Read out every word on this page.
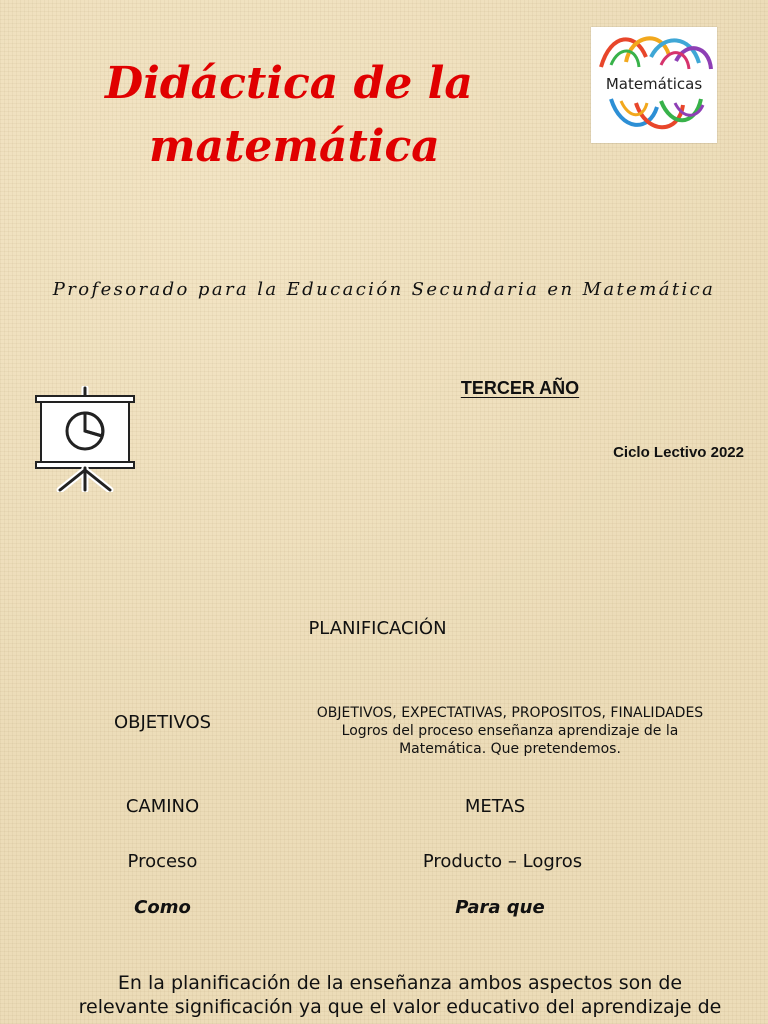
Didáctica de la
matemática
Matemáticas
Profesorado para la Educación Secundaria en Matemática
TERCER AÑO
Ciclo Lectivo 2022
PLANIFICACIÓN
OBJETIVOS	OBJETIVOS, EXPECTATIVAS, PROPOSITOS, FINALIDADES
Logros del proceso enseñanza aprendizaje de la
Matemática. Que pretendemos.
CAMINO	METAS
Proceso	Producto – Logros
Como	Para que
En la planificación de la enseñanza ambos aspectos son de
relevante significación ya que el valor educativo del aprendizaje de
